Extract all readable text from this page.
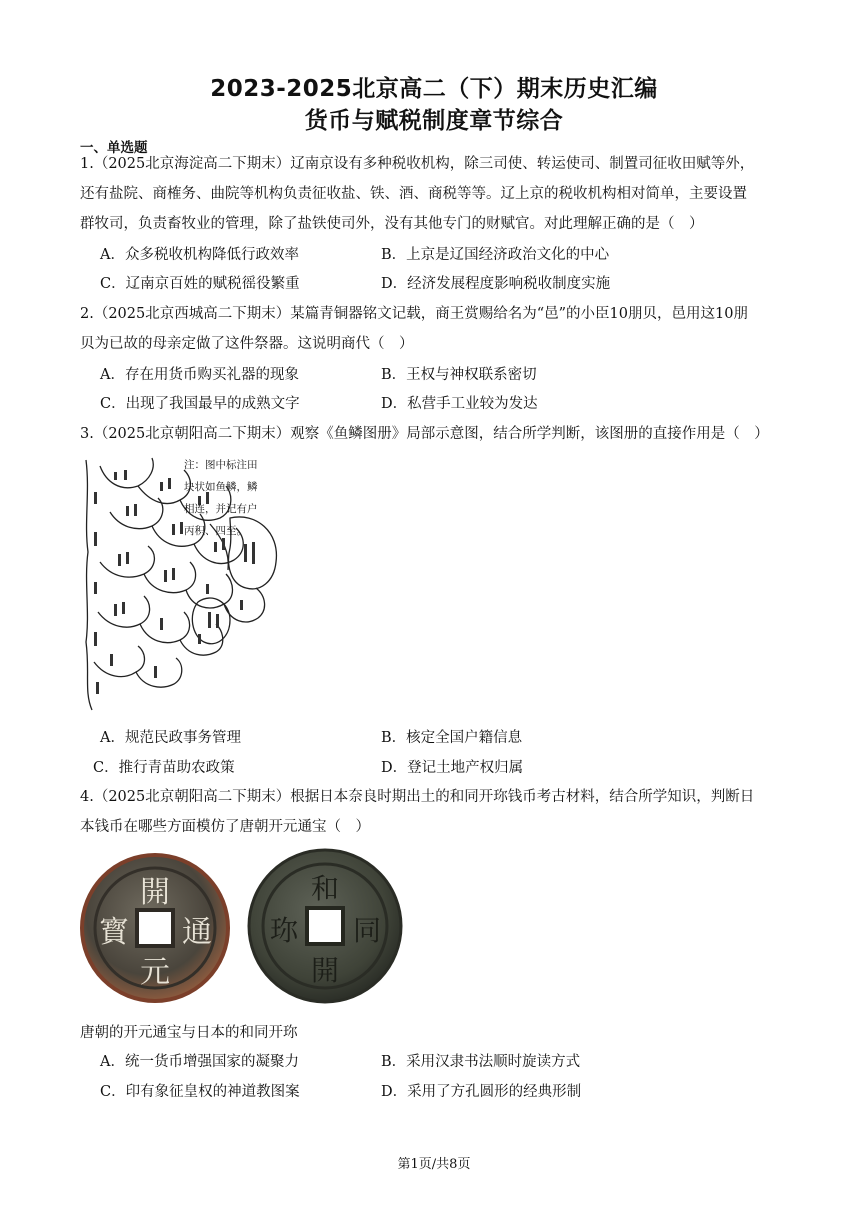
2023-2025北京高二（下）期末历史汇编
货币与赋税制度章节综合
一、单选题
1.（2025北京海淀高二下期末）辽南京设有多种税收机构，除三司使、转运使司、制置司征收田赋等外，
还有盐院、商榷务、曲院等机构负责征收盐、铁、酒、商税等等。辽上京的税收机构相对简单，主要设置
群牧司，负责畜牧业的管理，除了盐铁使司外，没有其他专门的财赋官。对此理解正确的是（　）
A．众多税收机构降低行政效率	B．上京是辽国经济政治文化的中心
C．辽南京百姓的赋税徭役繁重	D．经济发展程度影响税收制度实施
2.（2025北京西城高二下期末）某篇青铜器铭文记载，商王赏赐给名为“邑”的小臣10朋贝，邑用这10朋
贝为已故的母亲定做了这件祭器。这说明商代（　）
A．存在用货币购买礼器的现象	B．王权与神权联系密切
C．出现了我国最早的成熟文字	D．私营手工业较为发达
3.（2025北京朝阳高二下期末）观察《鱼鳞图册》局部示意图，结合所学判断，该图册的直接作用是（　）
注：图中标注田
块状如鱼鳞，鳞
相连，并记有户
丙积、四至。
A．规范民政事务管理	B．核定全国户籍信息
C．推行青苗助农政策	D．登记土地产权归属
4.（2025北京朝阳高二下期末）根据日本奈良时期出土的和同开珎钱币考古材料，结合所学知识，判断日
本钱币在哪些方面模仿了唐朝开元通宝（　）
開
元
寳 通
和
開
珎 同
唐朝的开元通宝与日本的和同开珎
A．统一货币增强国家的凝聚力	B．采用汉隶书法顺时旋读方式
C．印有象征皇权的神道教图案	D．采用了方孔圆形的经典形制
第1页/共8页
